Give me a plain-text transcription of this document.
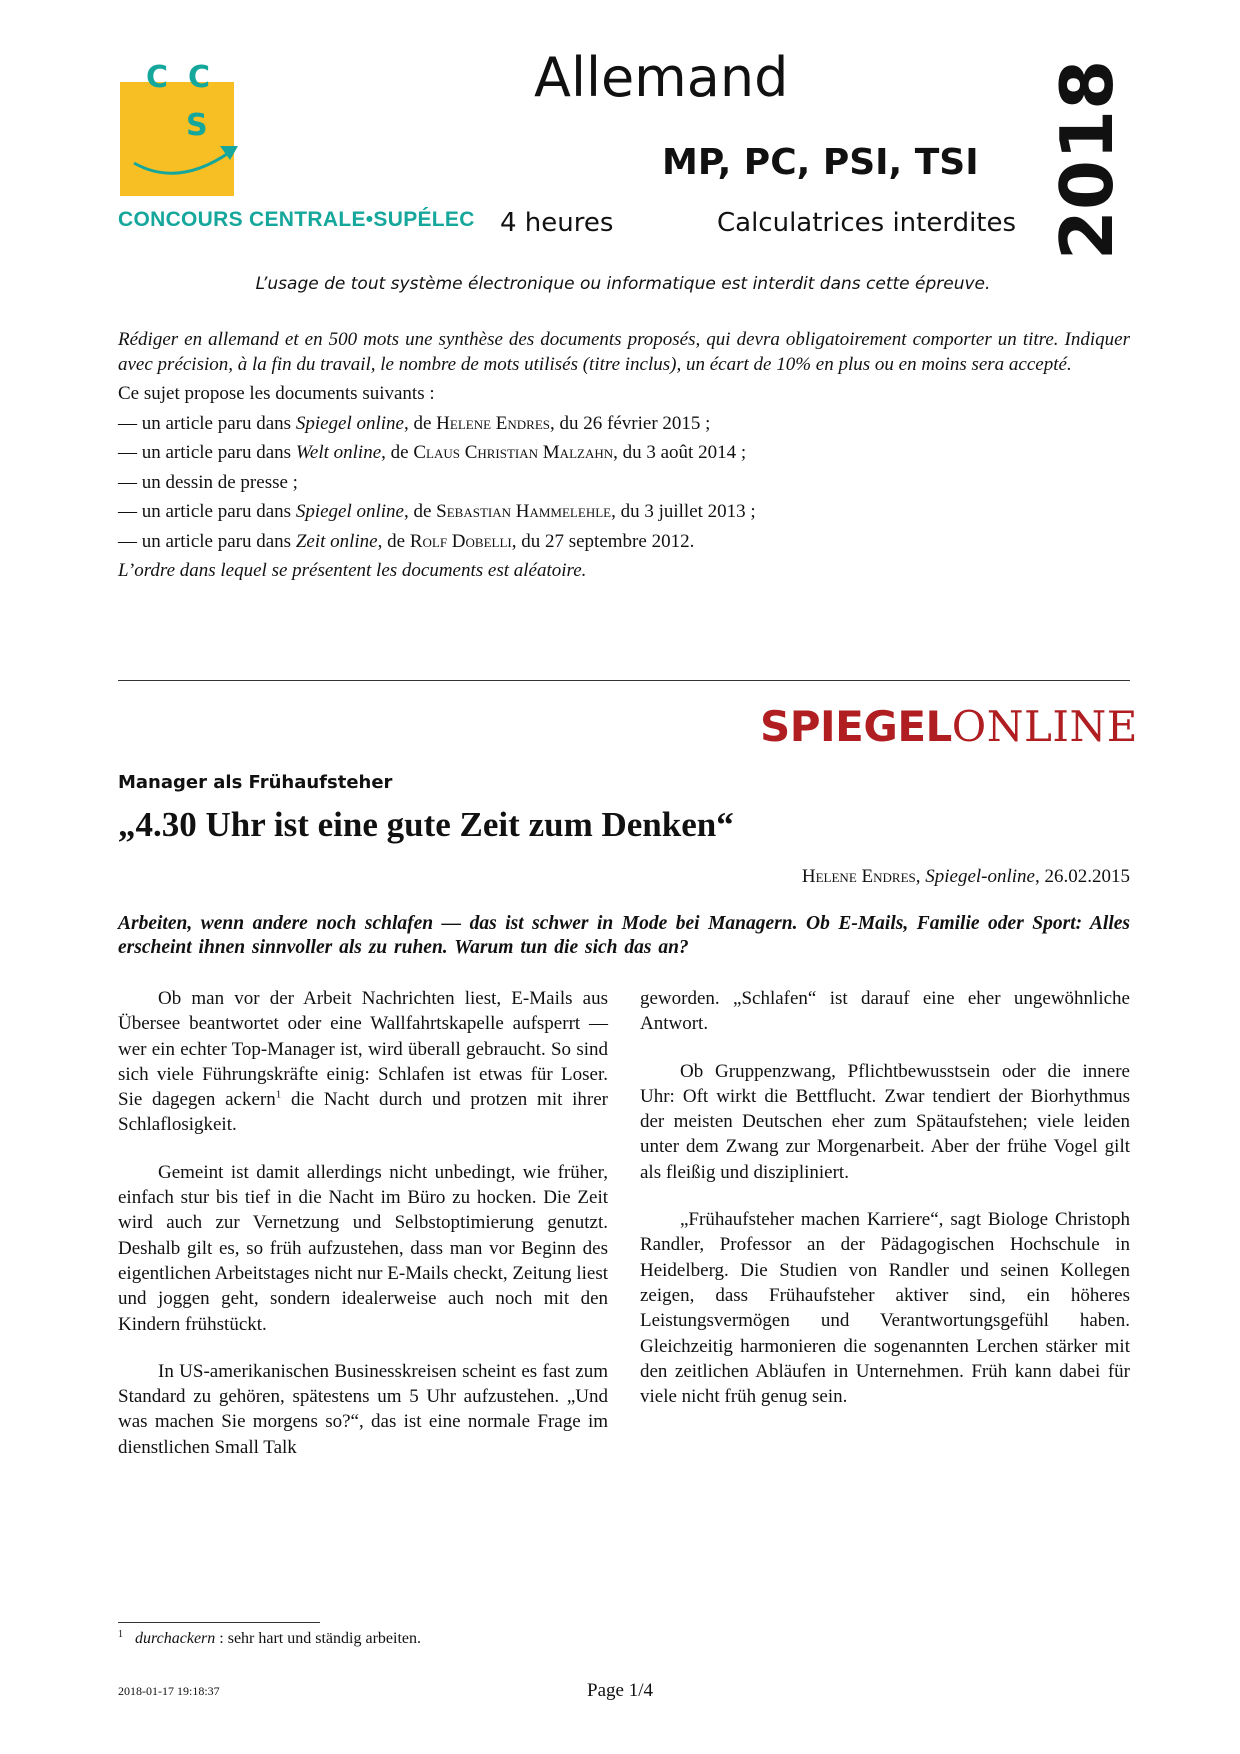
C C
S
CONCOURS CENTRALE•SUPÉLEC
Allemand
MP, PC, PSI, TSI
4 heures	Calculatrices interdites 2018
L’usage de tout système électronique ou informatique est interdit dans cette épreuve.
Rédiger en allemand et en 500 mots une synthèse des documents proposés, qui devra obligatoirement comporter un titre. Indiquer avec précision, à la fin du travail, le nombre de mots utilisés (titre inclus), un écart de 10% en plus ou en moins sera accepté.
Ce sujet propose les documents suivants :
— un article paru dans Spiegel online, de Helene Endres, du 26 février 2015 ;
— un article paru dans Welt online, de Claus Christian Malzahn, du 3 août 2014 ;
— un dessin de presse ;
— un article paru dans Spiegel online, de Sebastian Hammelehle, du 3 juillet 2013 ;
— un article paru dans Zeit online, de Rolf Dobelli, du 27 septembre 2012.
L’ordre dans lequel se présentent les documents est aléatoire.
SPIEGELONLINE
Manager als Frühaufsteher
„4.30 Uhr ist eine gute Zeit zum Denken“
Helene Endres, Spiegel-online, 26.02.2015
Arbeiten, wenn andere noch schlafen — das ist schwer in Mode bei Managern. Ob E-Mails, Familie oder Sport: Alles erscheint ihnen sinnvoller als zu ruhen. Warum tun die sich das an?

Ob man vor der Arbeit Nachrichten liest, E-Mails aus Übersee beantwortet oder eine Wallfahrtskapelle aufsperrt — wer ein echter Top-Manager ist, wird überall gebraucht. So sind sich viele Führungskräfte einig: Schlafen ist etwas für Loser. Sie dagegen ackern$^1$ die Nacht durch und protzen mit ihrer Schlaflosigkeit.

Gemeint ist damit allerdings nicht unbedingt, wie früher, einfach stur bis tief in die Nacht im Büro zu hocken. Die Zeit wird auch zur Vernetzung und Selbstoptimierung genutzt. Deshalb gilt es, so früh aufzustehen, dass man vor Beginn des eigentlichen Arbeitstages nicht nur E-Mails checkt, Zeitung liest und joggen geht, sondern idealerweise auch noch mit den Kindern frühstückt.

In US-amerikanischen Businesskreisen scheint es fast zum Standard zu gehören, spätestens um 5 Uhr aufzustehen. „Und was machen Sie morgens so?“, das ist eine normale Frage im dienstlichen Small Talk

geworden. „Schlafen“ ist darauf eine eher ungewöhnliche Antwort.

Ob Gruppenzwang, Pflichtbewusstsein oder die innere Uhr: Oft wirkt die Bettflucht. Zwar tendiert der Biorhythmus der meisten Deutschen eher zum Spätaufstehen; viele leiden unter dem Zwang zur Morgenarbeit. Aber der frühe Vogel gilt als fleißig und diszipliniert.

„Frühaufsteher machen Karriere“, sagt Biologe Christoph Randler, Professor an der Pädagogischen Hochschule in Heidelberg. Die Studien von Randler und seinen Kollegen zeigen, dass Frühaufsteher aktiver sind, ein höheres Leistungsvermögen und Verantwortungsgefühl haben. Gleichzeitig harmonieren die sogenannten Lerchen stärker mit den zeitlichen Abläufen in Unternehmen. Früh kann dabei für viele nicht früh genug sein.

$^1$ durchackern : sehr hart und ständig arbeiten.
2018-01-17 19:18:37	Page 1/4
